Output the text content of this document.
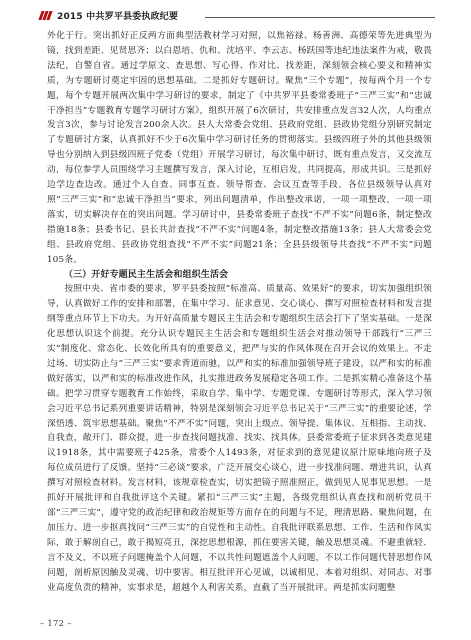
2015 中共罗平县委执政纪要

外化于行。突出抓好正反两方面典型活教材学习对照，以焦裕禄、杨善洲、高德荣等先进典型为镜，找到差距、见贤思齐；以白恩培、仇和、沈培平、李云志、杨跃国等违纪违法案件为戒，敬畏法纪，自警自省。通过学原文、查思想、写心得、作对比、找差距，深刻领会核心要义和精神实质，为专题研讨奠定牢固的思想基础。二是抓好专题研讨。聚焦“三个专题”，按每两个月一个专题，每个专题开展两次集中学习研讨的要求，制定了《中共罗平县委常委班子“三严三实”和“忠诚干净担当”专题教育专题学习研讨方案》，组织开展了6次研讨，共安排重点发言32人次，人均重点发言3次，参与讨论发言200余人次。县人大常委会党组、县政府党组、县政协党组分别研究制定了专题研讨方案，认真抓好不少于6次集中学习研讨任务的贯彻落实。县级四班子外的其他县级领导也分别纳入到县级四班子党委（党组）开展学习研讨，每次集中研讨，既有重点发言，又交流互动，每位参学人员围绕学习主题撰写发言，深入讨论，互相启发，共同提高，形成共识。三是抓好边学边查边改。通过个人自查、同事互查、领导帮查、会议互查等手段，各位县级领导认真对照“三严三实”和“忠诚干净担当”要求，列出问题清单，作出整改承诺，一项一项整改，一项一项落实，切实解决存在的突出问题。学习研讨中，县委常委班子查找“不严不实”问题6条，制定整改措施18条；县委书记、县长共計查找“不严不实”问题4条，制定整改措施13条；县人大常委会党组、县政府党组、县政协党组查找“不严不实”问题21条；全县县级领导共查找“不严不实”问题105条。

（三）开好专题民主生活会和组织生活会

按照中央、省市委的要求，罗平县委按照“标准高、质量高、效果好”的要求，切实加强组织领导，认真做好工作的安排和部署，在集中学习、征求意见、交心谈心、撰写对照检查材料和发言提纲等重点环节上下功夫。为开好高质量专题民主生活会和专题组织生活会打下了坚实基础。一是深化思想认识这个前提。充分认识专题民主生活会和专题组织生活会对推动领导干部践行“三严三实”制度化、常态化、长效化所具有的重要意义，把严与实的作风体现在召开会议的效果上。不走过场、切实防止与“三严三实”要求背道而驰，以严和实的标准加强领导班子建设，以严和实的标准做好落实，以严和实的标准改进作风，扎实推进政务发展稳定各项工作。二是抓实精心准备这个基础。把学习贯穿专题教育工作始终，采取自学、集中学、专题党课、专题研讨等形式，深入学习领会习近平总书记系列重要讲话精神，特别是深刻领会习近平总书记关于“三严三实”的重要论述，学深悟透、筑牢思想基础。聚焦“不严不实”问题，突出上级点、领导提、集体议、互相指、主动找、自我查，敞开门、群众提，进一步查找问题找准、找实、找具体。县委常委班子征求到各类意见建议1918条，其中需要班子425条，常委个人1493条，对征求到的意见建议原汁原味地向班子及每位成员进行了反馈。坚持“三必谈”要求，广泛开展交心谈心，进一步找准问题、增进共识，认真撰写对照检查材料。发言材料，该规章检查实，切实把镜子照准照正，做到见人见事见思想。一是抓好开展批评和自我批评这个关键。紧扣“三严三实”主题，各级党组织认真查找和剖析党员干部“三严三实”，遵守党的政治纪律和政治规矩等方面存在的问题与不足，理清思路、聚焦问题，在加压力、进一步抠真找问“三严三实”的自觉性和主动性。自我批评联系思想、工作、生活和作风实际，敢于解剖自己，敢于揭短亮丑，深挖思想根源，抓住要害关键，触及思想灵魂。不避重就轻、言不及义，不以班子问题掩盖个人问题，不以共性问题遮盖个人问题，不以工作问题代替思想作风问题，剖析原因触及灵魂、切中要害。相互批评开心见诚，以诚相见、本着对组织、对同志、对事业高度负责的精神，实事求是，超越个人利害关系，直截了当开展批评。两是抓实问题整

– 172 –
